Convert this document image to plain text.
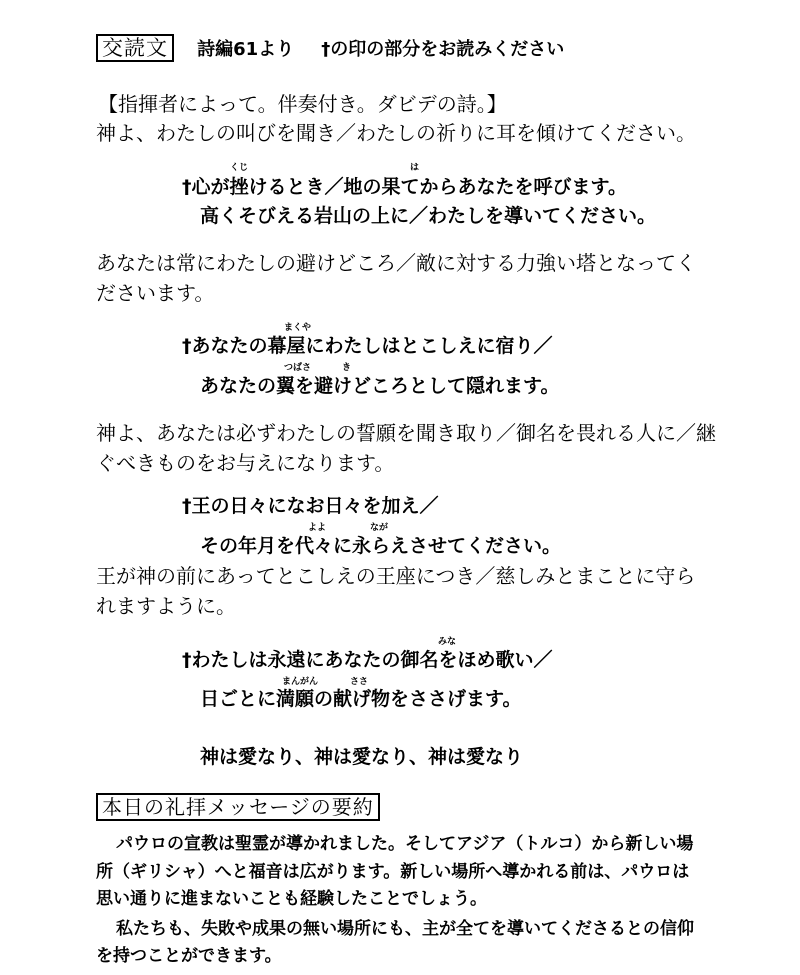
交読文 詩編61より †の印の部分をお読みください
【指揮者によって。伴奏付き。ダビデの詩。】
神よ、わたしの叫びを聞き／わたしの祈りに耳を傾けてください。
くじ	は
†心が挫けるとき／地の果てからあなたを呼びます。
高くそびえる岩山の上に／わたしを導いてください。
あなたは常にわたしの避けどころ／敵に対する力強い塔となってく
ださいます。
まくや
†あなたの幕屋にわたしはとこしえに宿り／
つばさ	き
あなたの翼を避けどころとして隠れます。
神よ、あなたは必ずわたしの誓願を聞き取り／御名を畏れる人に／継
ぐべきものをお与えになります。
†王の日々になお日々を加え／
よよ	なが
その年月を代々に永らえさせてください。
王が神の前にあってとこしえの王座につき／慈しみとまことに守ら
れますように。
みな
†わたしは永遠にあなたの御名をほめ歌い／
まんがん	ささ
日ごとに満願の献げ物をささげます。
神は愛なり、神は愛なり、神は愛なり
本日の礼拝メッセージの要約
パウロの宣教は聖霊が導かれました。そしてアジア（トルコ）から新しい場
所（ギリシャ）へと福音は広がります。新しい場所へ導かれる前は、パウロは
思い通りに進まないことも経験したことでしょう。
私たちも、失敗や成果の無い場所にも、主が全てを導いてくださるとの信仰
を持つことができます。
